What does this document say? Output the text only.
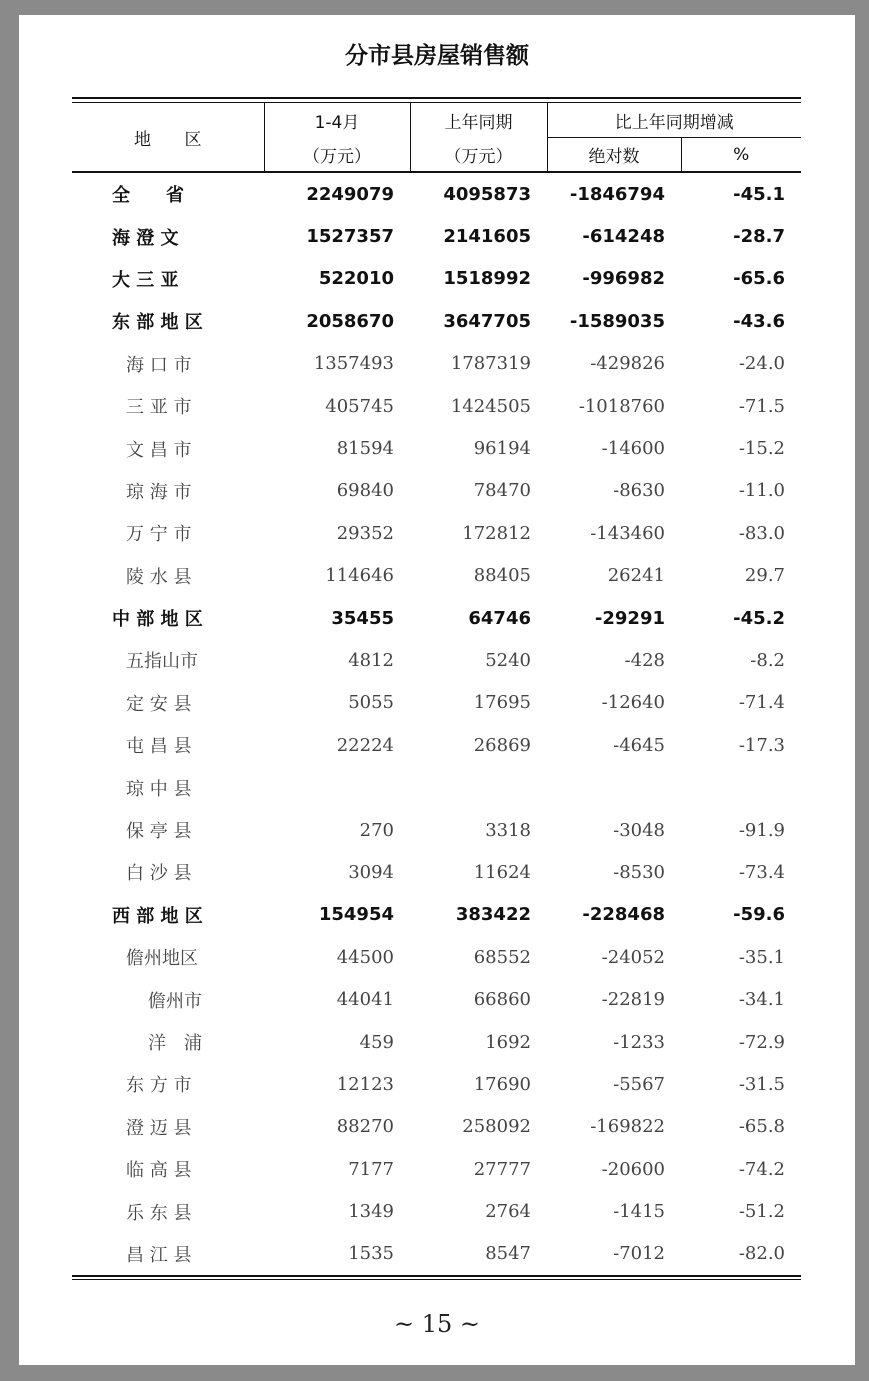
分市县房屋销售额
地 区	1-4月	上年同期	比上年同期增减	
	（万元）	（万元）	绝对数	%
全　　省	2249079	4095873	-1846794	-45.1
海 澄 文	1527357	2141605	-614248	-28.7
大 三 亚	522010	1518992	-996982	-65.6
东 部 地 区	2058670	3647705	-1589035	-43.6
海 口 市	1357493	1787319	-429826	-24.0
三 亚 市	405745	1424505	-1018760	-71.5
文 昌 市	81594	96194	-14600	-15.2
琼 海 市	69840	78470	-8630	-11.0
万 宁 市	29352	172812	-143460	-83.0
陵 水 县	114646	88405	26241	29.7
中 部 地 区	35455	64746	-29291	-45.2
五指山市	4812	5240	-428	-8.2
定 安 县	5055	17695	-12640	-71.4
屯 昌 县	22224	26869	-4645	-17.3
琼 中 县				
保 亭 县	270	3318	-3048	-91.9
白 沙 县	3094	11624	-8530	-73.4
西 部 地 区	154954	383422	-228468	-59.6
儋州地区	44500	68552	-24052	-35.1
儋州市	44041	66860	-22819	-34.1
洋　浦	459	1692	-1233	-72.9
东 方 市	12123	17690	-5567	-31.5
澄 迈 县	88270	258092	-169822	-65.8
临 高 县	7177	27777	-20600	-74.2
乐 东 县	1349	2764	-1415	-51.2
昌 江 县	1535	8547	-7012	-82.0
~ 15 ~
